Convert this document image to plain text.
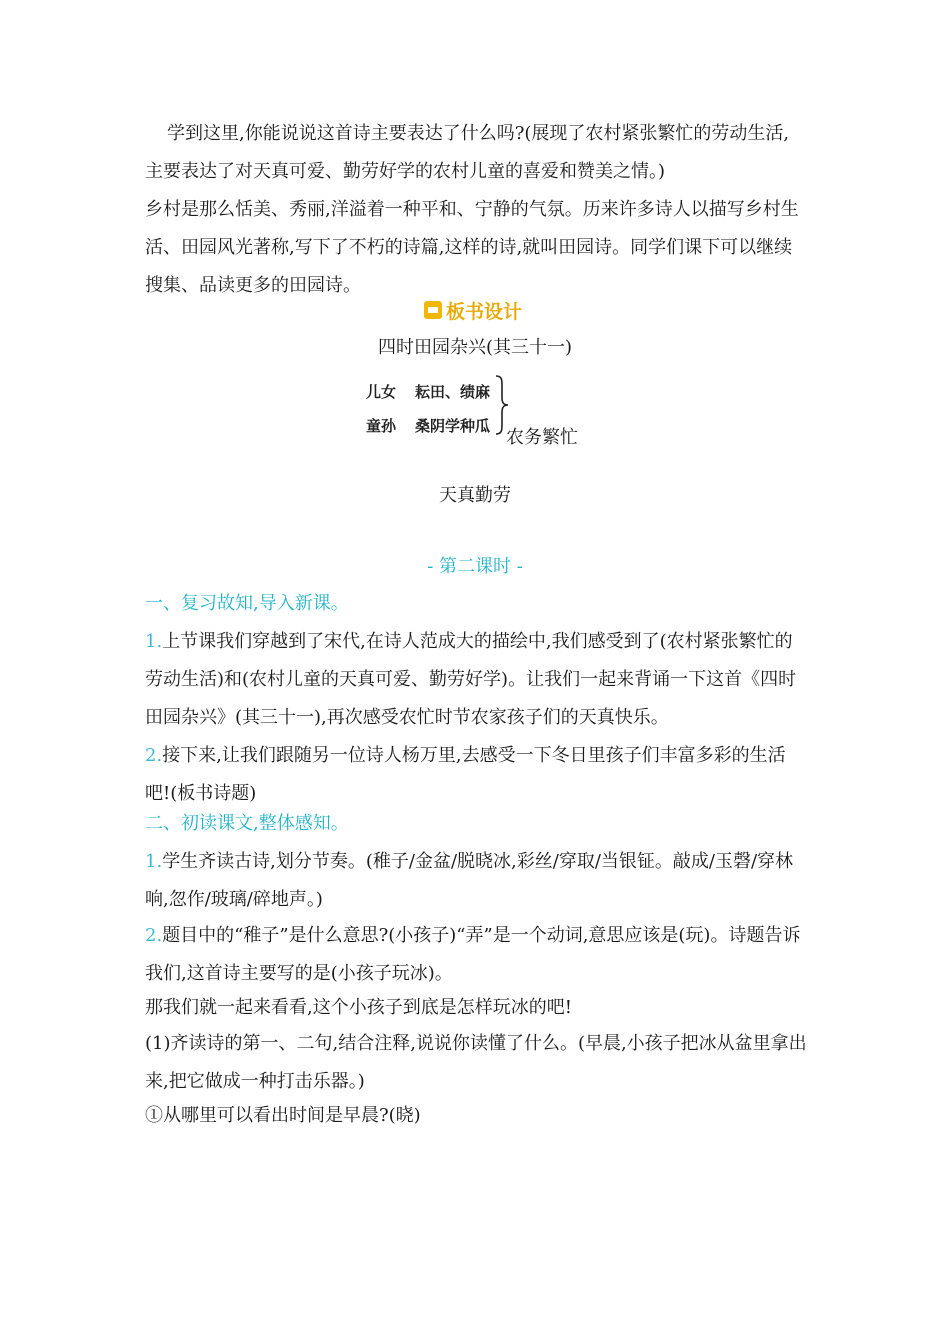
学到这里,你能说说这首诗主要表达了什么吗?(展现了农村紧张繁忙的劳动生活,主要表达了对天真可爱、勤劳好学的农村儿童的喜爱和赞美之情。)

乡村是那么恬美、秀丽,洋溢着一种平和、宁静的气氛。历来许多诗人以描写乡村生活、田园风光著称,写下了不朽的诗篇,这样的诗,就叫田园诗。同学们课下可以继续搜集、品读更多的田园诗。

板书设计
四时田园杂兴(其三十一)
儿女 耘田、绩麻
童孙 桑阴学种瓜
农务繁忙
天真勤劳
- 第二课时 -

一、复习故知,导入新课。

1.上节课我们穿越到了宋代,在诗人范成大的描绘中,我们感受到了(农村紧张繁忙的劳动生活)和(农村儿童的天真可爱、勤劳好学)。让我们一起来背诵一下这首《四时田园杂兴》(其三十一),再次感受农忙时节农家孩子们的天真快乐。

2.接下来,让我们跟随另一位诗人杨万里,去感受一下冬日里孩子们丰富多彩的生活吧!(板书诗题)

二、初读课文,整体感知。

1.学生齐读古诗,划分节奏。(稚子/金盆/脱晓冰,彩丝/穿取/当银钲。敲成/玉磬/穿林响,忽作/玻璃/碎地声。)

2.题目中的“稚子”是什么意思?(小孩子)“弄”是一个动词,意思应该是(玩)。诗题告诉我们,这首诗主要写的是(小孩子玩冰)。

那我们就一起来看看,这个小孩子到底是怎样玩冰的吧!

(1)齐读诗的第一、二句,结合注释,说说你读懂了什么。(早晨,小孩子把冰从盆里拿出来,把它做成一种打击乐器。)

①从哪里可以看出时间是早晨?(晓)
